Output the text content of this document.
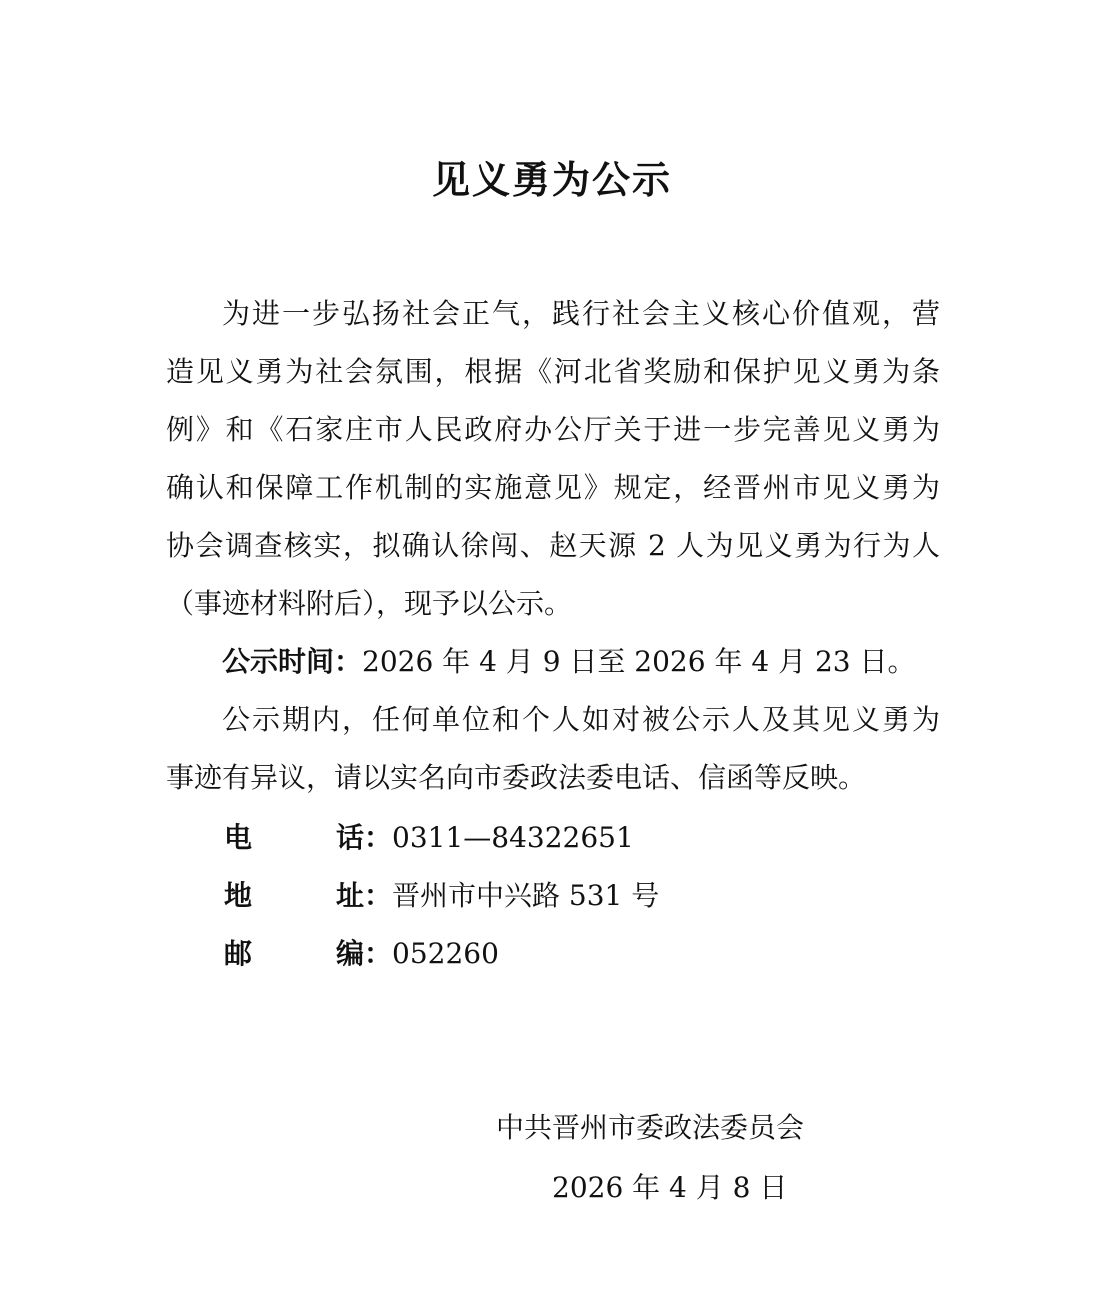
见义勇为公示
为进一步弘扬社会正气，践行社会主义核心价值观，营
造见义勇为社会氛围，根据《河北省奖励和保护见义勇为条
例》和《石家庄市人民政府办公厅关于进一步完善见义勇为
确认和保障工作机制的实施意见》规定，经晋州市见义勇为
协会调查核实，拟确认徐闯、赵天源 2 人为见义勇为行为人
（事迹材料附后），现予以公示。
公示时间：2026 年 4 月 9 日至 2026 年 4 月 23 日。
公示期内，任何单位和个人如对被公示人及其见义勇为
事迹有异议，请以实名向市委政法委电话、信函等反映。
电话：0311—84322651
地址：晋州市中兴路 531 号
邮编：052260
中共晋州市委政法委员会
2026 年 4 月 8 日
